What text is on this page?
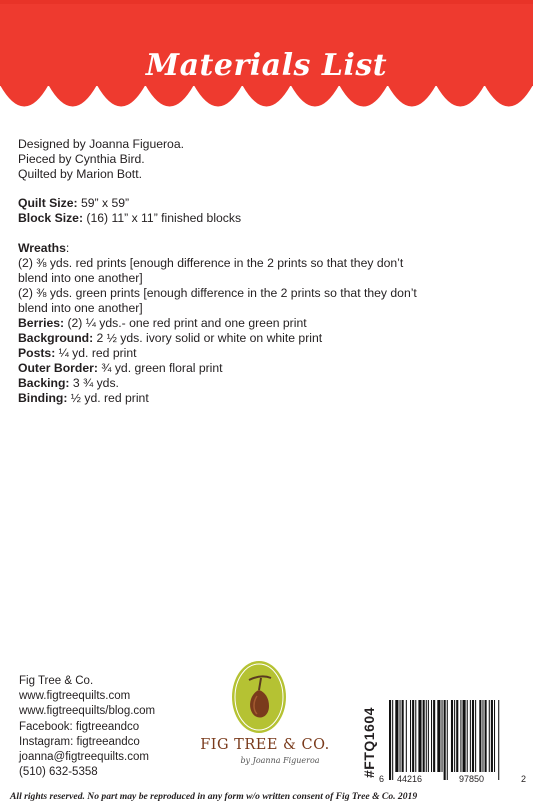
Materials List

Designed by Joanna Figueroa.

Pieced by Cynthia Bird.

Quilted by Marion Bott.

Quilt Size: 59” x 59”

Block Size: (16) 11” x 11” finished blocks

Wreaths:

(2) ⅜ yds. red prints [enough difference in the 2 prints so that they don’t

blend into one another]

(2) ⅜ yds. green prints [enough difference in the 2 prints so that they don’t

blend into one another]

Berries: (2) ¼ yds.- one red print and one green print

Background: 2 ½ yds. ivory solid or white on white print

Posts: ¼ yd. red print

Outer Border: ¾ yd. green floral print

Backing: 3 ¾ yds.

Binding: ½ yd. red print

Fig Tree & Co.
www.figtreequilts.com
www.figtreequilts/blog.com
Facebook: figtreeandco
Instagram: figtreeandco
joanna@figtreequilts.com
(510) 632-5358
FIG TREE & CO.
by Joanna Figueroa	#FTQ1604
6 44216	97850	2
All rights reserved. No part may be reproduced in any form w/o written consent of Fig Tree & Co. 2019
